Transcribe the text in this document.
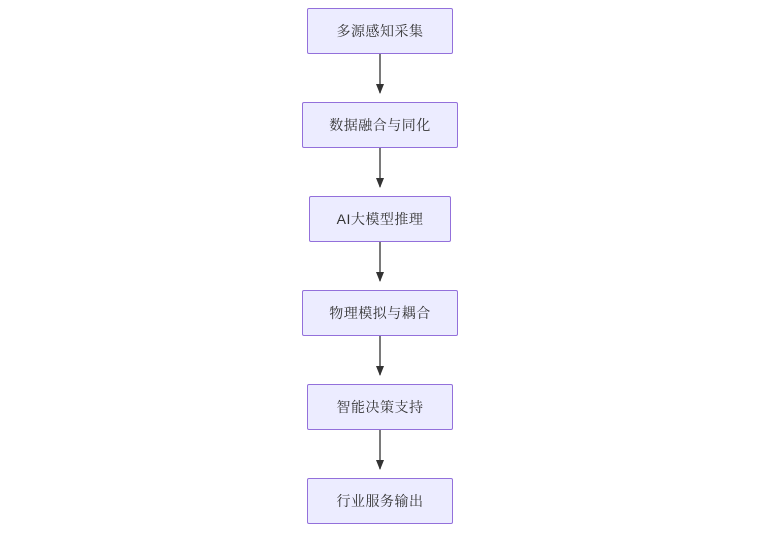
多源感知采集
数据融合与同化
AI大模型推理
物理模拟与耦合
智能决策支持
行业服务输出
